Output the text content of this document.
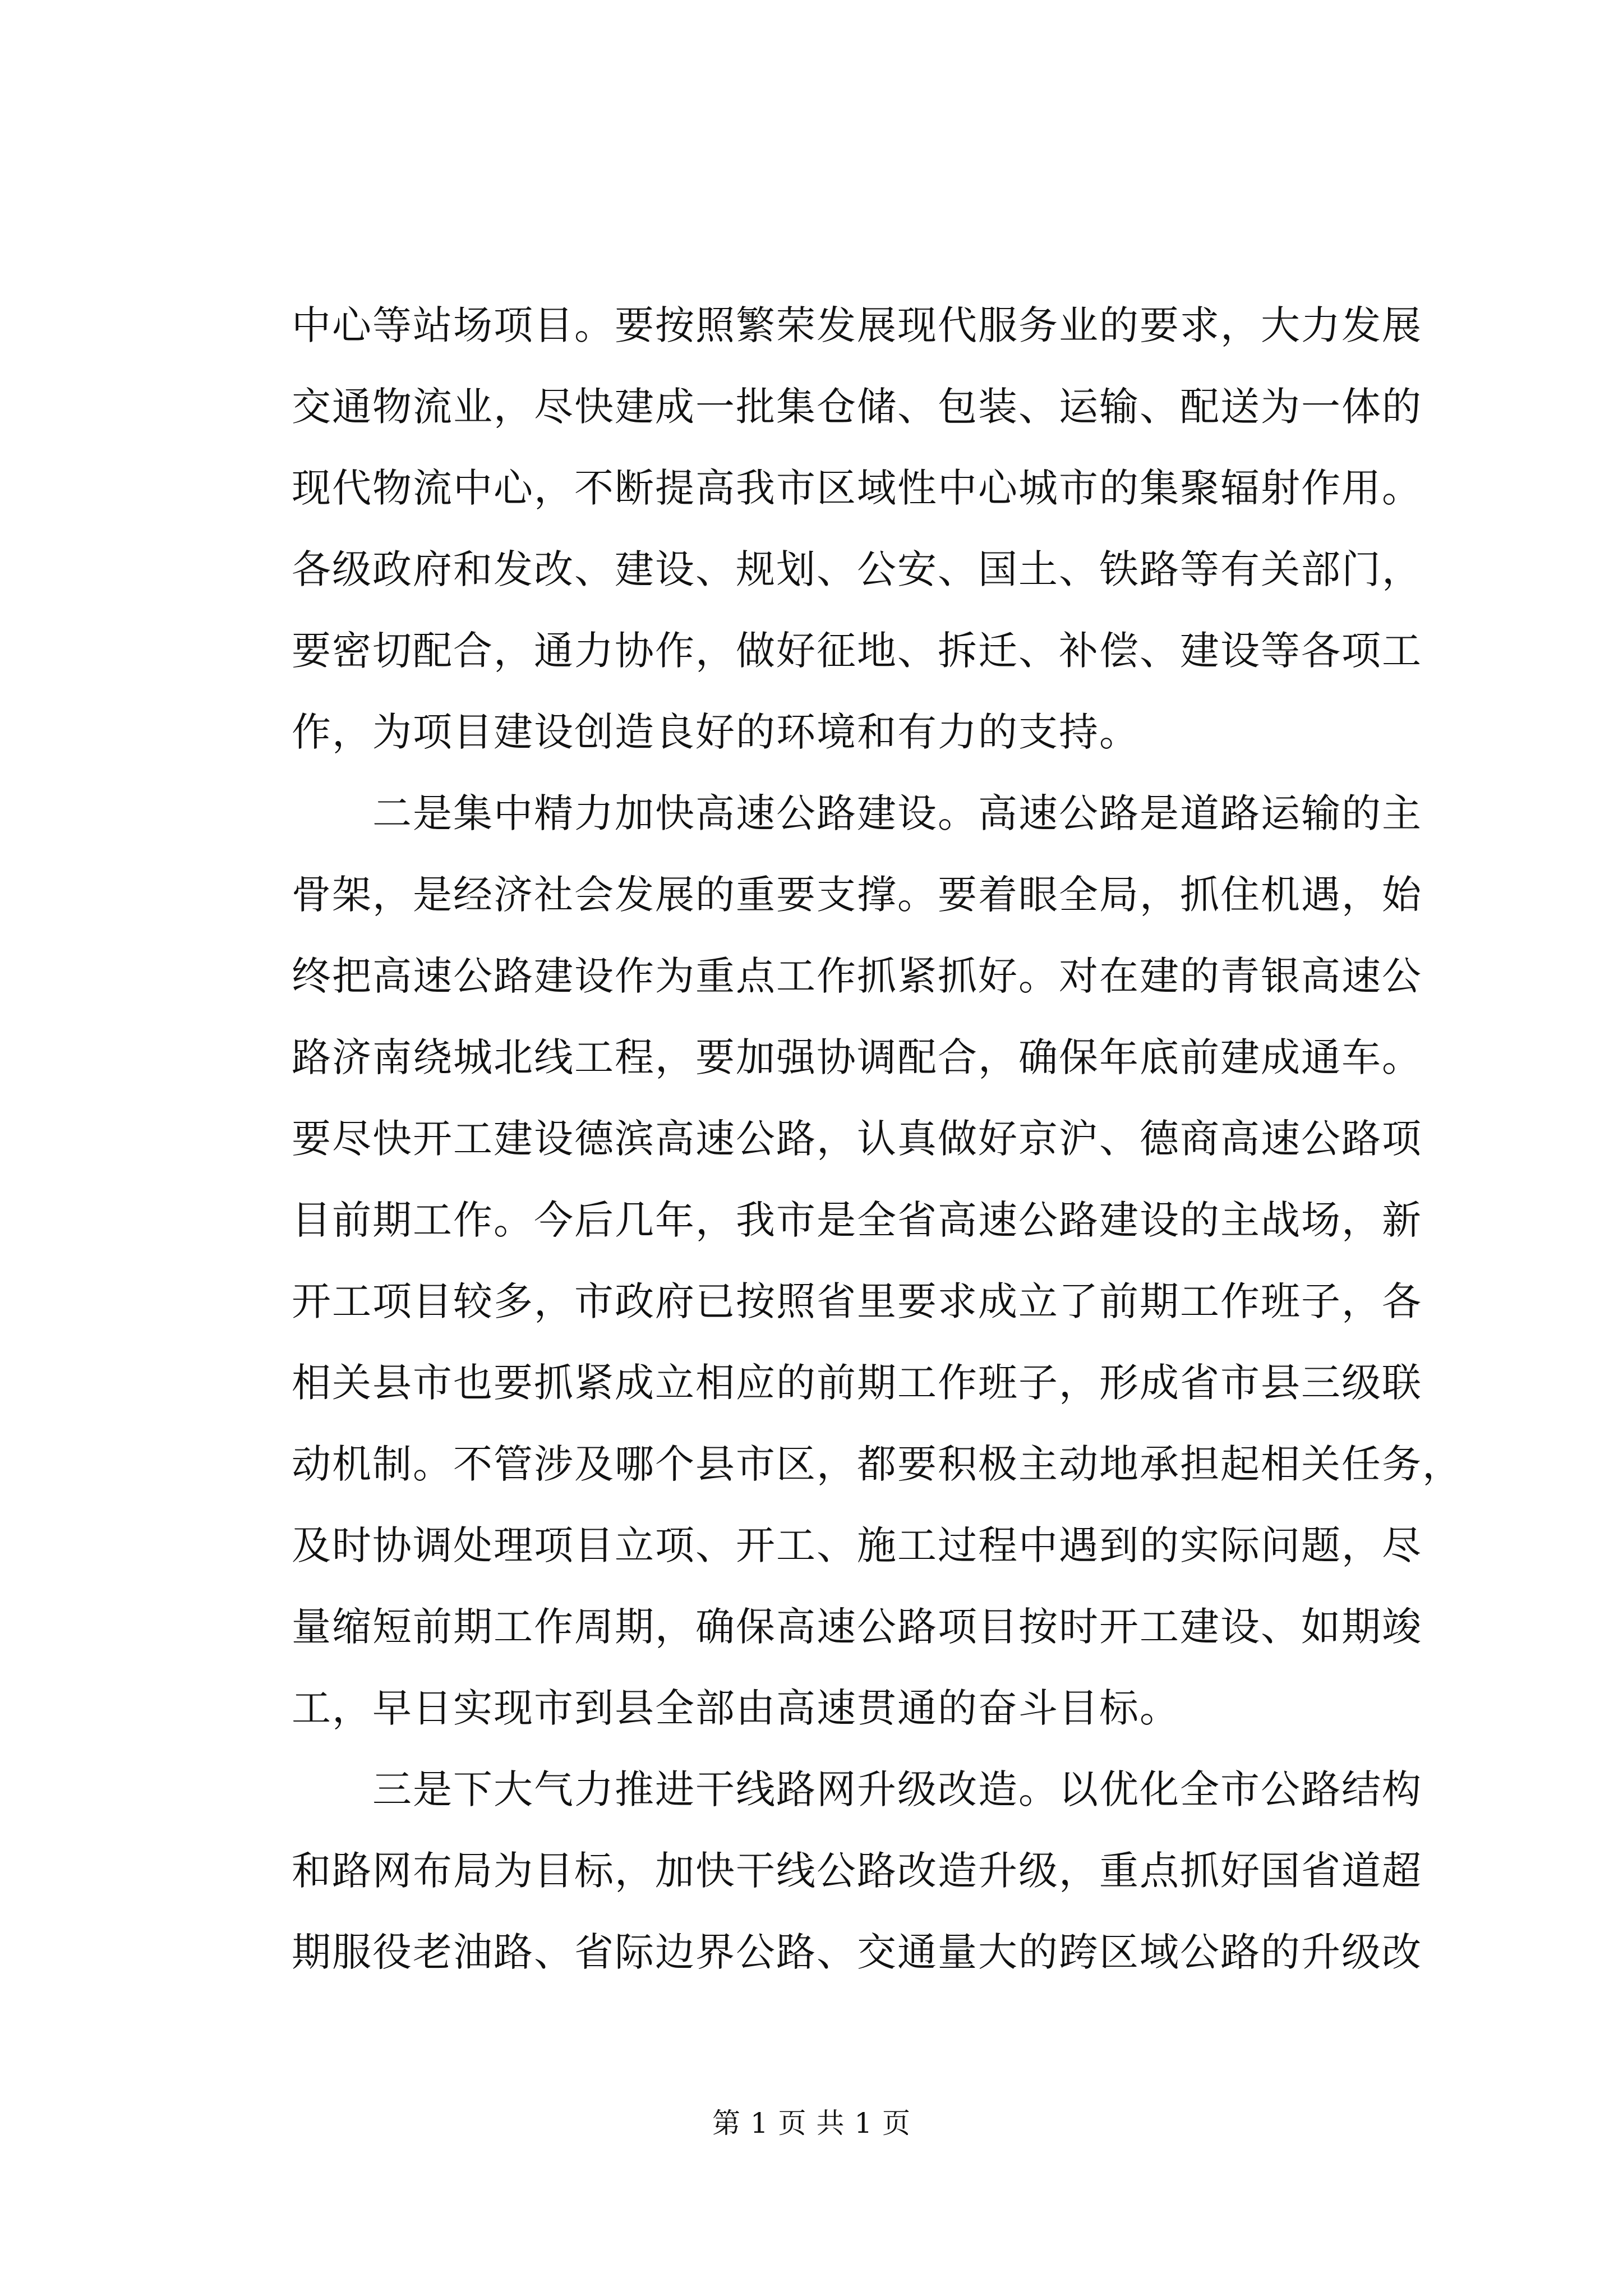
中心等站场项目。要按照繁荣发展现代服务业的要求，大力发展
交通物流业，尽快建成一批集仓储、包装、运输、配送为一体的
现代物流中心，不断提高我市区域性中心城市的集聚辐射作用。
各级政府和发改、建设、规划、公安、国土、铁路等有关部门，
要密切配合，通力协作，做好征地、拆迁、补偿、建设等各项工
作，为项目建设创造良好的环境和有力的支持。
二是集中精力加快高速公路建设。高速公路是道路运输的主
骨架，是经济社会发展的重要支撑。要着眼全局，抓住机遇，始
终把高速公路建设作为重点工作抓紧抓好。对在建的青银高速公
路济南绕城北线工程，要加强协调配合，确保年底前建成通车。
要尽快开工建设德滨高速公路，认真做好京沪、德商高速公路项
目前期工作。今后几年，我市是全省高速公路建设的主战场，新
开工项目较多，市政府已按照省里要求成立了前期工作班子，各
相关县市也要抓紧成立相应的前期工作班子，形成省市县三级联
动机制。不管涉及哪个县市区，都要积极主动地承担起相关任务，
及时协调处理项目立项、开工、施工过程中遇到的实际问题，尽
量缩短前期工作周期，确保高速公路项目按时开工建设、如期竣
工，早日实现市到县全部由高速贯通的奋斗目标。
三是下大气力推进干线路网升级改造。以优化全市公路结构
和路网布局为目标，加快干线公路改造升级，重点抓好国省道超
期服役老油路、省际边界公路、交通量大的跨区域公路的升级改
第 1 页 共 1 页
